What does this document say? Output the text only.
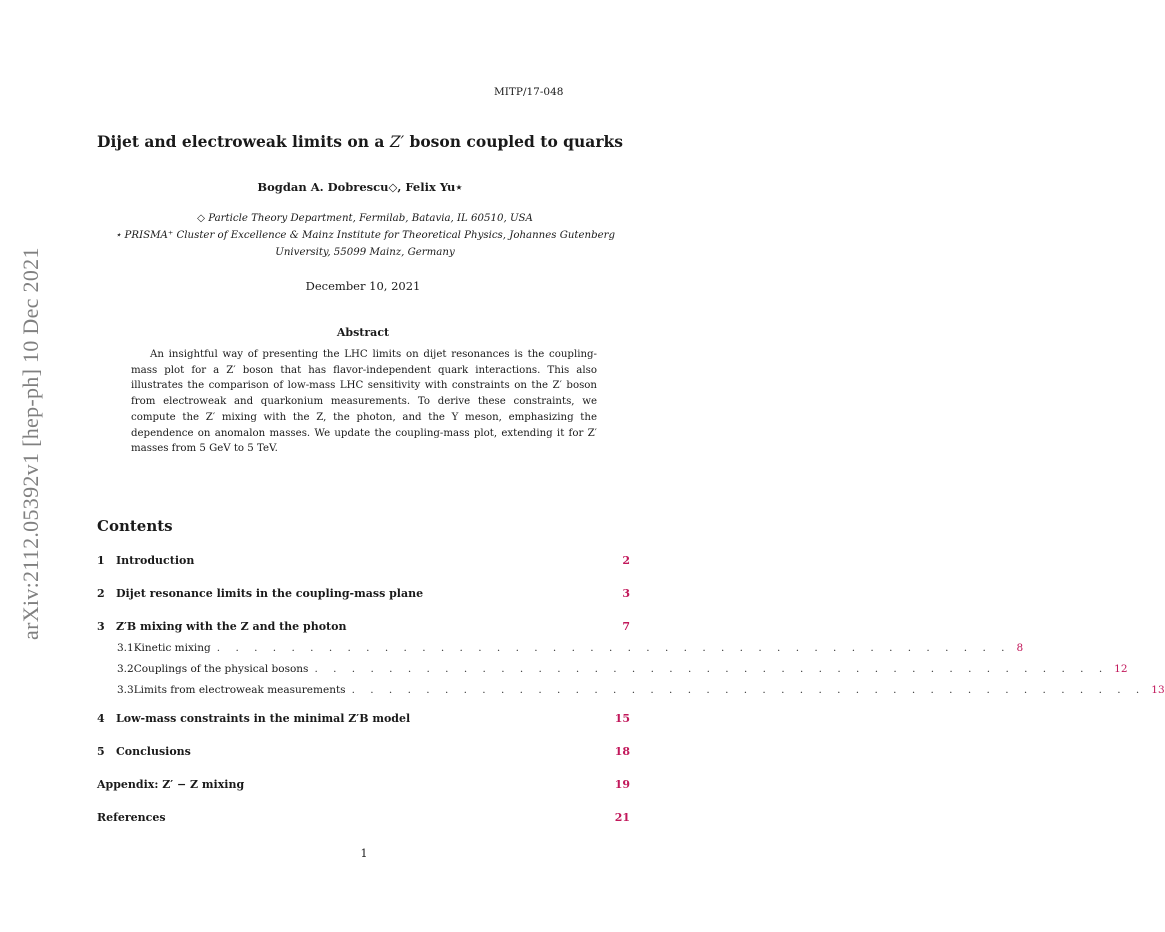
arXiv:2112.05392v1 [hep-ph] 10 Dec 2021
MITP/17-048
Dijet and electroweak limits on a Z′ boson coupled to quarks
Bogdan A. Dobrescu◇, Felix Yu⋆
◇ Particle Theory Department, Fermilab, Batavia, IL 60510, USA
⋆ PRISMA⁺ Cluster of Excellence & Mainz Institute for Theoretical Physics, Johannes Gutenberg University, 55099 Mainz, Germany
December 10, 2021
Abstract
An insightful way of presenting the LHC limits on dijet resonances is the coupling-mass plot for a Z′ boson that has flavor-independent quark interactions. This also illustrates the comparison of low-mass LHC sensitivity with constraints on the Z′ boson from electroweak and quarkonium measurements. To derive these constraints, we compute the Z′ mixing with the Z, the photon, and the Υ meson, emphasizing the dependence on anomalon masses. We update the coupling-mass plot, extending it for Z′ masses from 5 GeV to 5 TeV.
Contents
1	Introduction	2
2	Dijet resonance limits in the coupling-mass plane	3
3	Z′B mixing with the Z and the photon	7
3.1 Kinetic mixing . . . . . . . . . . . . . . . . . . . . . . . . . . . . . . . . . . . . . . . . . . . 8
3.2 Couplings of the physical bosons . . . . . . . . . . . . . . . . . . . . . . . . . . . . . . . . . . . . . . . . . . . 12
3.3 Limits from electroweak measurements . . . . . . . . . . . . . . . . . . . . . . . . . . . . . . . . . . . . . . . . . . . 13
4	Low-mass constraints in the minimal Z′B model	15
5	Conclusions	18
Appendix: Z′ − Z mixing	19
References	21
1
